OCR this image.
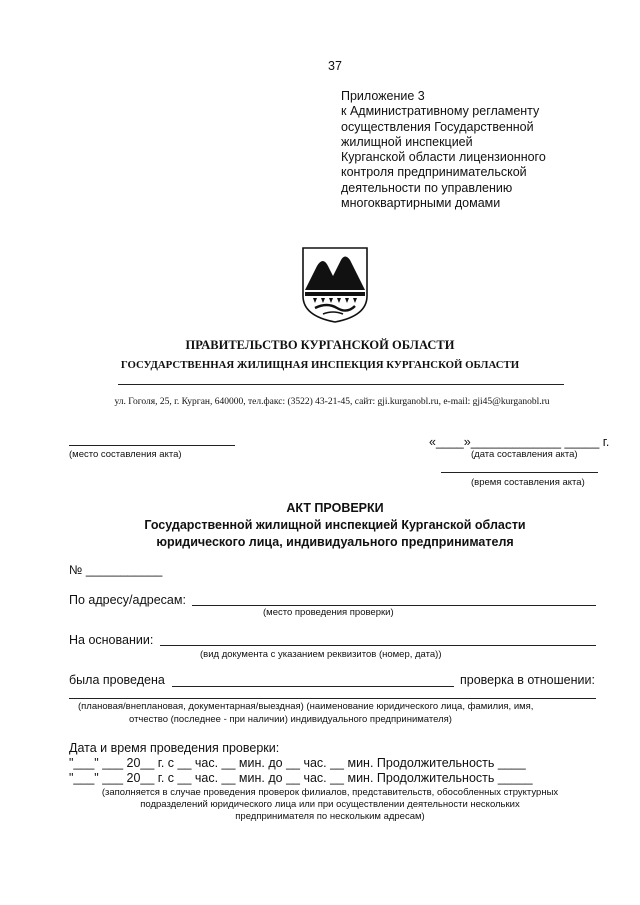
37
Приложение 3
к Административному регламенту
осуществления Государственной
жилищной инспекцией
Курганской области лицензионного
контроля предпринимательской
деятельности по управлению
многоквартирными домами
ПРАВИТЕЛЬСТВО КУРГАНСКОЙ ОБЛАСТИ
ГОСУДАРСТВЕННАЯ ЖИЛИЩНАЯ ИНСПЕКЦИЯ КУРГАНСКОЙ ОБЛАСТИ
ул. Гоголя, 25, г. Курган, 640000, тел.факс: (3522) 43-21-45, сайт: gji.kurganobl.ru, e-mail: gji45@kurganobl.ru
(место составления акта)
«____»_____________ _____ г.
(дата составления акта)
(время составления акта)
АКТ ПРОВЕРКИ
Государственной жилищной инспекцией Курганской области
юридического лица, индивидуального предпринимателя
№ ___________
По адресу/адресам:
(место проведения проверки)
На основании:
(вид документа с указанием реквизитов (номер, дата))
была проведена	проверка в отношении:
(плановая/внеплановая, документарная/выездная) (наименование юридического лица, фамилия, имя,
отчество (последнее - при наличии) индивидуального предпринимателя)
Дата и время проведения проверки:
"___" ___ 20__ г. с __ час. __ мин. до __ час. __ мин. Продолжительность ____
"___" ___ 20__ г. с __ час. __ мин. до __ час. __ мин. Продолжительность _____
(заполняется в случае проведения проверок филиалов, представительств, обособленных структурных
подразделений юридического лица или при осуществлении деятельности нескольких
предпринимателя по нескольким адресам)
